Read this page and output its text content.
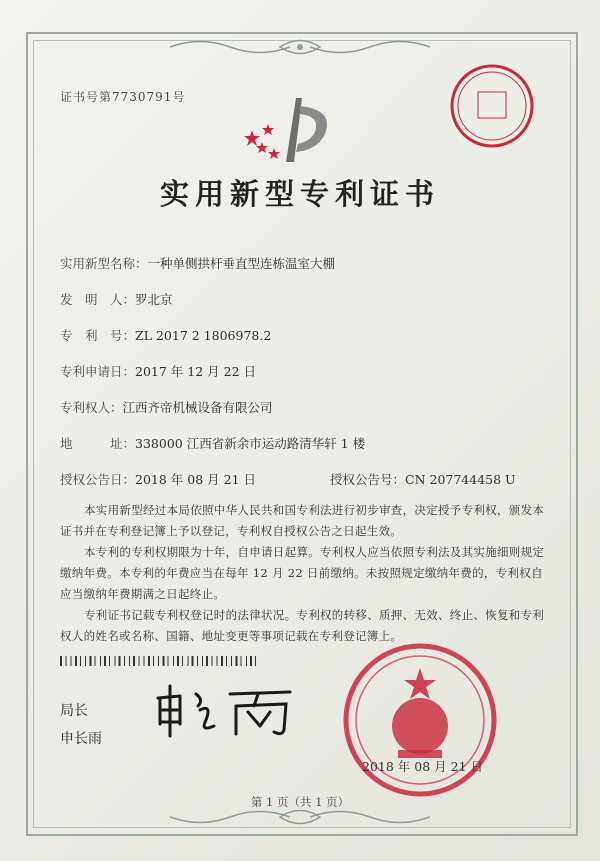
证书号第7730791号
实用新型专利证书
实用新型名称：一种单侧拱杆垂直型连栋温室大棚
发　明　人：罗北京
专　利　号：ZL 2017 2 1806978.2
专利申请日：2017 年 12 月 22 日
专利权人：江西齐帝机械设备有限公司
地　　　址：338000 江西省新余市运动路清华轩 1 楼
授权公告日：2018 年 08 月 21 日	授权公告号：CN 207744458 U
本实用新型经过本局依照中华人民共和国专利法进行初步审查，决定授予专利权，颁发本证书并在专利登记簿上予以登记，专利权自授权公告之日起生效。
本专利的专利权期限为十年，自申请日起算。专利权人应当依照专利法及其实施细则规定缴纳年费。本专利的年费应当在每年 12 月 22 日前缴纳。未按照规定缴纳年费的，专利权自应当缴纳年费期满之日起终止。
专利证书记载专利权登记时的法律状况。专利权的转移、质押、无效、终止、恢复和专利权人的姓名或名称、国籍、地址变更等事项记载在专利登记簿上。
局长
申长雨
2018 年 08 月 21 日
第 1 页（共 1 页）
